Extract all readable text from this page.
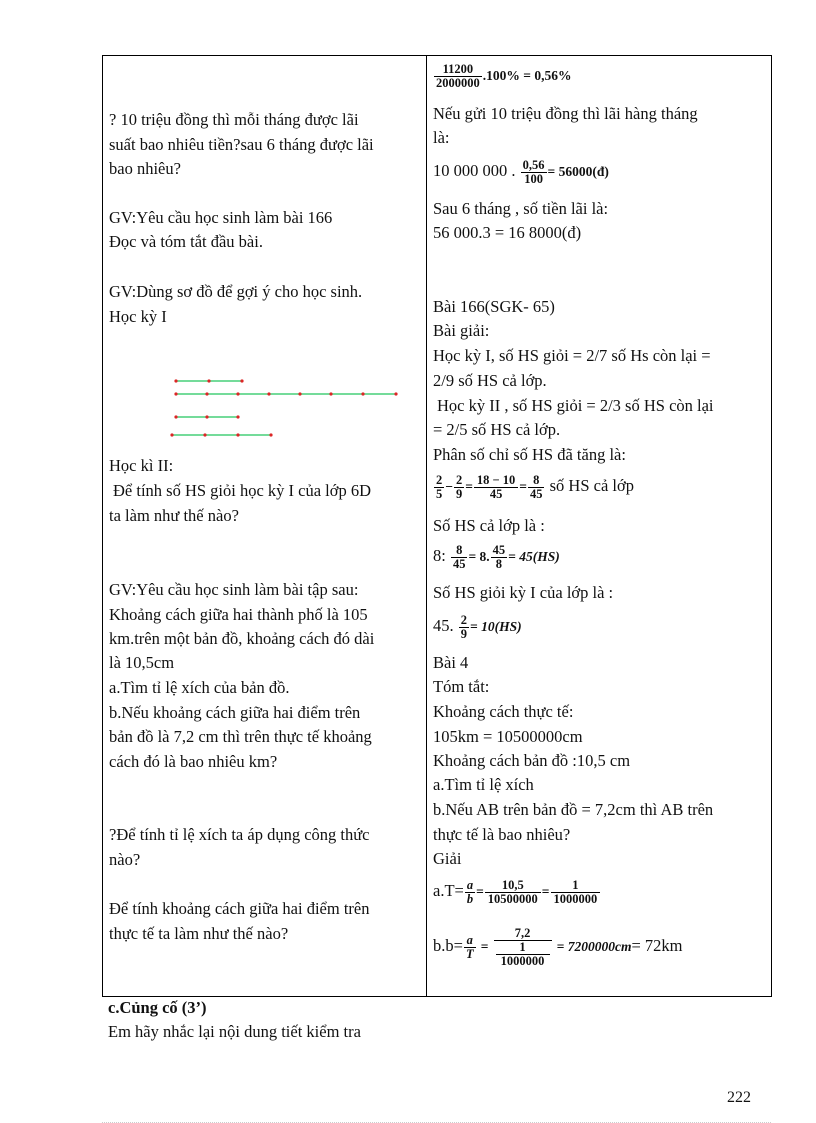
? 10 triệu đồng thì mỗi tháng được lãi
suất bao nhiêu tiền?sau 6 tháng được lãi
bao nhiêu?
GV:Yêu cầu học sinh làm bài 166
Đọc và tóm tắt đầu bài.
GV:Dùng sơ đồ để gợi ý cho học sinh.
Học kỳ I
Học kì II:
Để tính số HS giỏi học kỳ I của lớp 6D
ta làm như thế nào?
GV:Yêu cầu học sinh làm bài tập sau:
Khoảng cách giữa hai thành phố là 105
km.trên một bản đồ, khoảng cách đó dài
là 10,5cm
a.Tìm tỉ lệ xích của bản đồ.
b.Nếu khoảng cách giữa hai điểm trên
bản đồ là 7,2 cm thì trên thực tế khoảng
cách đó là bao nhiêu km?
?Để tính tỉ lệ xích ta áp dụng công thức
nào?
Để tính khoảng cách giữa hai điểm trên
thực tế ta làm như thế nào?

$\frac{11200}{2000000} .100\% = 0,56\%$
Nếu gửi 10 triệu đồng thì lãi hàng tháng
là:
10 000 000 . $\frac{0,56}{100}$ = 56000(đ)
Sau 6 tháng , số tiền lãi là:
56 000.3 = 16 8000(đ)
Bài 166(SGK- 65)
Bài giải:
Học kỳ I, số HS giỏi = 2/7 số Hs còn lại =
2/9 số HS cả lớp.
Học kỳ II , số HS giỏi = 2/3 số HS còn lại
= 2/5 số HS cả lớp.
Phân số chỉ số HS đã tăng là:
$\frac{2}{5} - \frac{2}{9} = \frac{18 - 10}{45} = \frac{8}{45}$ số HS cả lớp
Số HS cả lớp là :
8: $\frac{8}{45} = 8$. $\frac{45}{8} = 45(HS)$
Số HS giỏi kỳ I của lớp là :
45. $\frac{2}{9} = 10(HS)$
Bài 4
Tóm tắt:
Khoảng cách thực tế:
105km = 10500000cm
Khoảng cách bản đồ :10,5 cm
a.Tìm tỉ lệ xích
b.Nếu AB trên bản đồ = 7,2cm thì AB trên
thực tế là bao nhiêu?
Giải
$a.T= \frac{a}{b} = \frac{10,5}{10500000} = \frac{1}{1000000}$
$b.b= \frac{a}{T} = 7,2$
1
1000000 = 7200000cm= 72km
c.Củng cố (3’)
Em hãy nhắc lại nội dung tiết kiểm tra
222
